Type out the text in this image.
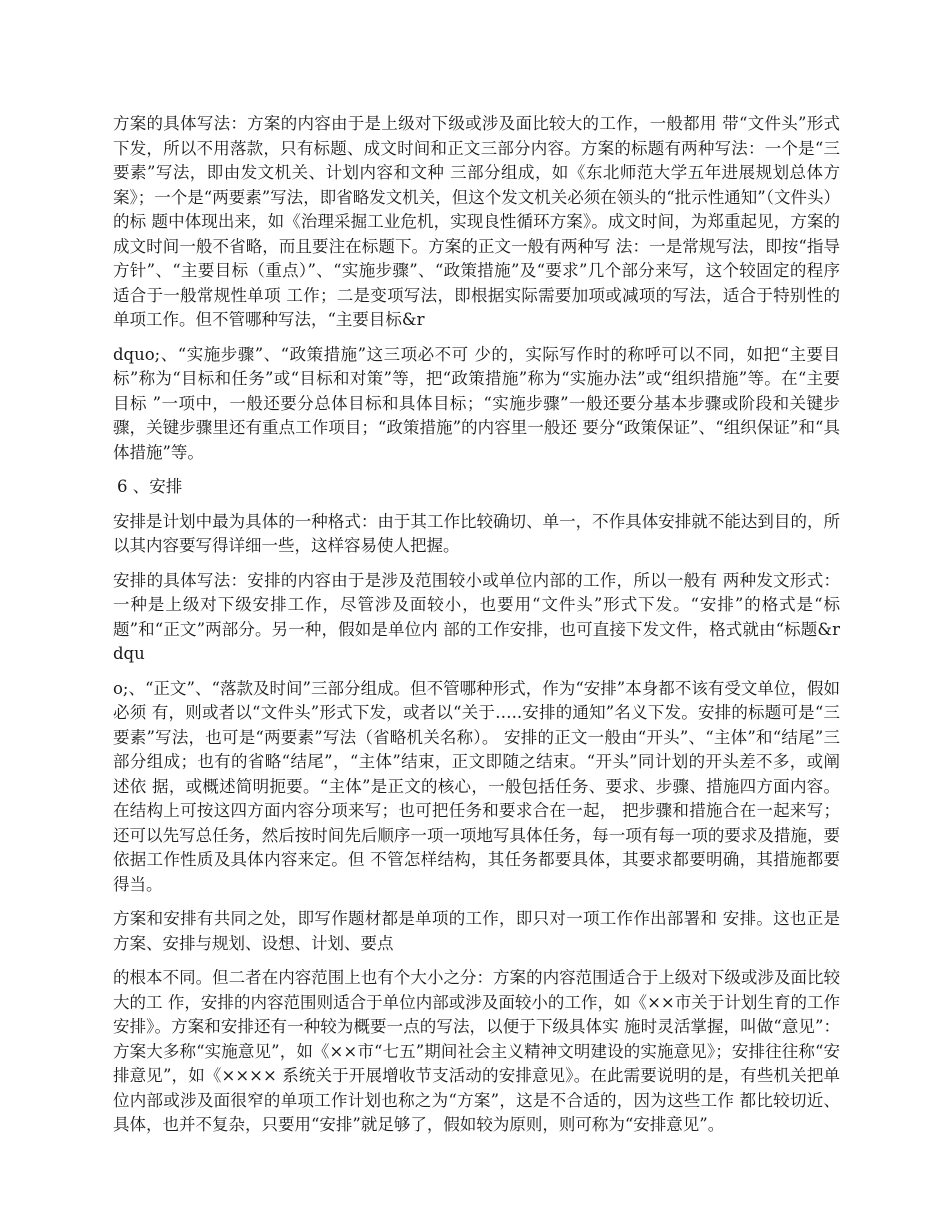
方案的具体写法：方案的内容由于是上级对下级或涉及面比较大的工作，一般都用 带“文件头”形式下发，所以不用落款，只有标题、成文时间和正文三部分内容。方案的标题有两种写法：一个是“三要素”写法，即由发文机关、计划内容和文种 三部分组成，如《东北师范大学五年进展规划总体方案》；一个是“两要素”写法，即省略发文机关，但这个发文机关必须在领头的“批示性通知”（文件头）的标 题中体现出来，如《治理采掘工业危机，实现良性循环方案》。成文时间，为郑重起见，方案的成文时间一般不省略，而且要注在标题下。方案的正文一般有两种写 法：一是常规写法，即按“指导方针”、“主要目标（重点）”、“实施步骤”、“政策措施”及“要求”几个部分来写，这个较固定的程序适合于一般常规性单项 工作；二是变项写法，即根据实际需要加项或减项的写法，适合于特别性的单项工作。但不管哪种写法，“主要目标&r

dquo;、“实施步骤”、“政策措施”这三项必不可 少的，实际写作时的称呼可以不同，如把“主要目标”称为“目标和任务”或“目标和对策”等，把“政策措施”称为“实施办法”或“组织措施”等。在“主要目标 ”一项中，一般还要分总体目标和具体目标；“实施步骤”一般还要分基本步骤或阶段和关键步骤，关键步骤里还有重点工作项目；“政策措施”的内容里一般还 要分“政策保证”、“组织保证”和“具体措施”等。

6 、安排

安排是计划中最为具体的一种格式：由于其工作比较确切、单一，不作具体安排就不能达到目的，所以其内容要写得详细一些，这样容易使人把握。

安排的具体写法：安排的内容由于是涉及范围较小或单位内部的工作，所以一般有 两种发文形式：一种是上级对下级安排工作，尽管涉及面较小，也要用“文件头”形式下发。“安排”的格式是“标题”和“正文”两部分。另一种，假如是单位内 部的工作安排，也可直接下发文件，格式就由“标题&rdqu

o;、“正文”、“落款及时间”三部分组成。但不管哪种形式，作为“安排”本身都不该有受文单位，假如必须 有，则或者以“文件头”形式下发，或者以“关于…..安排的通知”名义下发。安排的标题可是“三要素”写法，也可是“两要素”写法（省略机关名称）。 安排的正文一般由“开头”、“主体”和“结尾”三部分组成；也有的省略“结尾”，“主体”结束，正文即随之结束。“开头”同计划的开头差不多，或阐述依 据，或概述简明扼要。“主体”是正文的核心，一般包括任务、要求、步骤、措施四方面内容。在结构上可按这四方面内容分项来写；也可把任务和要求合在一起， 把步骤和措施合在一起来写；还可以先写总任务，然后按时间先后顺序一项一项地写具体任务，每一项有每一项的要求及措施，要依据工作性质及具体内容来定。但 不管怎样结构，其任务都要具体，其要求都要明确，其措施都要得当。

方案和安排有共同之处，即写作题材都是单项的工作，即只对一项工作作出部署和 安排。这也正是方案、安排与规划、设想、计划、要点

的根本不同。但二者在内容范围上也有个大小之分：方案的内容范围适合于上级对下级或涉及面比较大的工 作，安排的内容范围则适合于单位内部或涉及面较小的工作，如《××市关于计划生育的工作安排》。方案和安排还有一种较为概要一点的写法，以便于下级具体实 施时灵活掌握，叫做“意见”：方案大多称“实施意见”，如《××市“七五”期间社会主义精神文明建设的实施意见》；安排往往称“安排意见”，如《×××× 系统关于开展增收节支活动的安排意见》。在此需要说明的是，有些机关把单位内部或涉及面很窄的单项工作计划也称之为“方案”，这是不合适的，因为这些工作 都比较切近、具体，也并不复杂，只要用“安排”就足够了，假如较为原则，则可称为“安排意见”。
